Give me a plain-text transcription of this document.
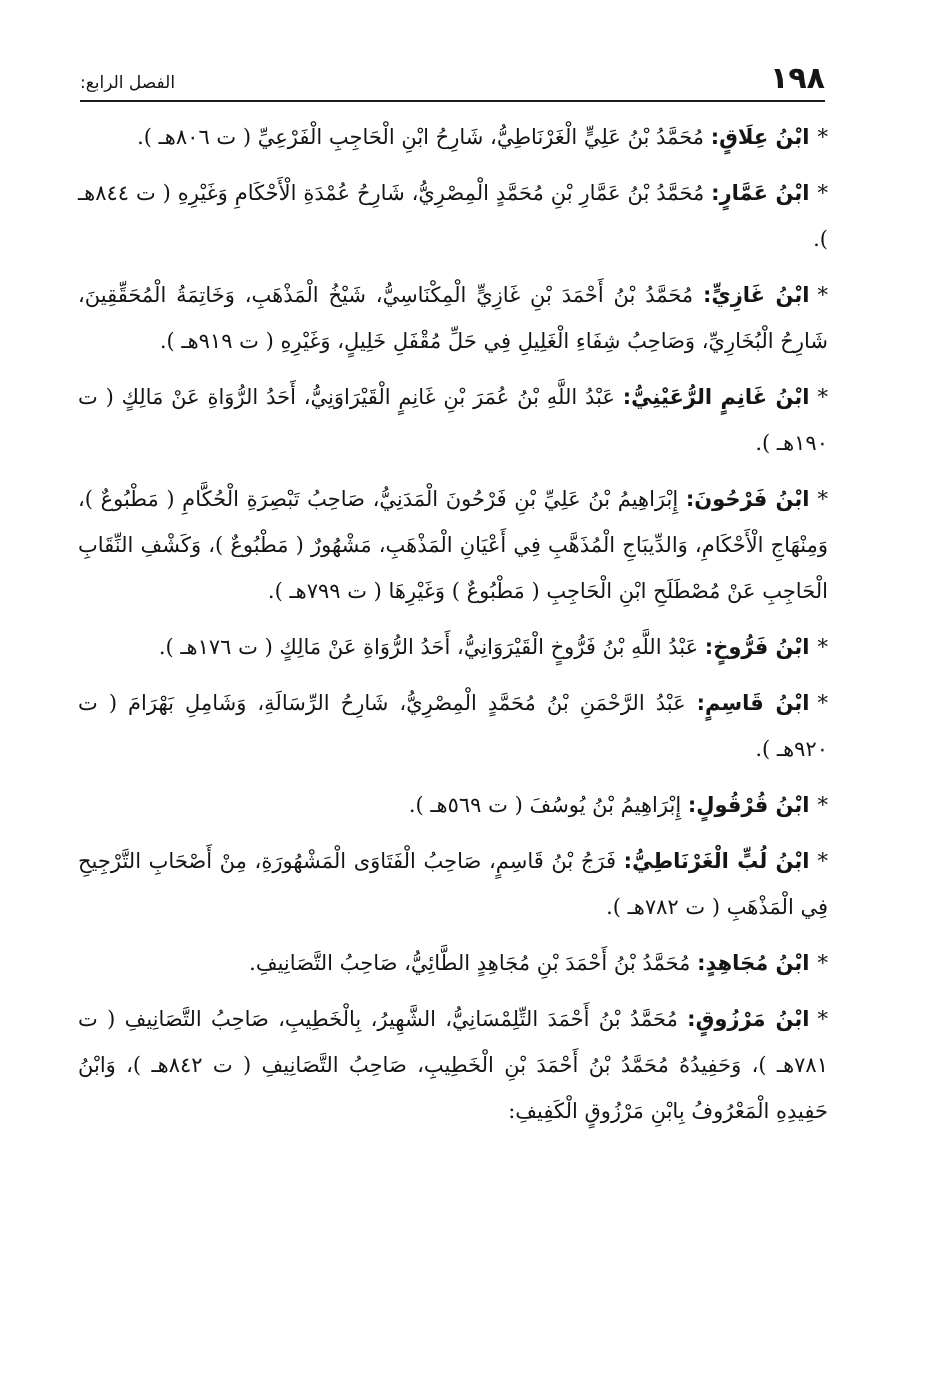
١٩٨
الفصل الرابع:

*ابْنُ عِلَاقٍ: مُحَمَّدُ بْنُ عَلِيٍّ الْغَرْنَاطِيُّ، شَارِحُ ابْنِ الْحَاجِبِ الْفَرْعِيِّ ( ت ٨٠٦هـ ).

*ابْنُ عَمَّارٍ: مُحَمَّدُ بْنُ عَمَّارِ بْنِ مُحَمَّدٍ الْمِصْرِيُّ، شَارِحُ عُمْدَةِ الْأَحْكَامِ وَغَيْرِهِ ( ت ٨٤٤هـ ).

*ابْنُ غَازِيٍّ: مُحَمَّدُ بْنُ أَحْمَدَ بْنِ غَازِيٍّ الْمِكْنَاسِيُّ، شَيْخُ الْمَذْهَبِ، وَخَاتِمَةُ الْمُحَقِّقِينَ، شَارِحُ الْبُخَارِيِّ، وَصَاحِبُ شِفَاءِ الْغَلِيلِ فِي حَلِّ مُقْفَلِ خَلِيلٍ، وَغَيْرِهِ ( ت ٩١٩هـ ).

*ابْنُ غَانِمٍ الرُّعَيْنِيُّ: عَبْدُ اللَّهِ بْنُ عُمَرَ بْنِ غَانِمٍ الْقَيْرَاوَنِيُّ، أَحَدُ الرُّوَاةِ عَنْ مَالِكٍ ( ت ١٩٠هـ ).

*ابْنُ فَرْحُونَ: إِبْرَاهِيمُ بْنُ عَلِيِّ بْنِ فَرْحُونَ الْمَدَنِيُّ، صَاحِبُ تَبْصِرَةِ الْحُكَّامِ ( مَطْبُوعٌ )، وَمِنْهَاجِ الْأَحْكَامِ، وَالدِّيبَاجِ الْمُذَهَّبِ فِي أَعْيَانِ الْمَذْهَبِ، مَشْهُورٌ ( مَطْبُوعٌ )، وَكَشْفِ النِّقَابِ الْحَاجِبِ عَنْ مُصْطَلَحِ ابْنِ الْحَاجِبِ ( مَطْبُوعٌ ) وَغَيْرِهَا ( ت ٧٩٩هـ ).

*ابْنُ فَرُّوخٍ: عَبْدُ اللَّهِ بْنُ فَرُّوخٍ الْقَيْرَوَانِيُّ، أَحَدُ الرُّوَاةِ عَنْ مَالِكٍ ( ت ١٧٦هـ ).

*ابْنُ قَاسِمٍ: عَبْدُ الرَّحْمَنِ بْنُ مُحَمَّدٍ الْمِصْرِيُّ، شَارِحُ الرِّسَالَةِ، وَشَامِلِ بَهْرَامَ ( ت ٩٢٠هـ ).

*ابْنُ قُرْقُولٍ: إِبْرَاهِيمُ بْنُ يُوسُفَ ( ت ٥٦٩هـ ).

*ابْنُ لُبٍّ الْغَرْنَاطِيُّ: فَرَجُ بْنُ قَاسِمٍ، صَاحِبُ الْفَتَاوَى الْمَشْهُورَةِ، مِنْ أَصْحَابِ التَّرْجِيحِ فِي الْمَذْهَبِ ( ت ٧٨٢هـ ).

*ابْنُ مُجَاهِدٍ: مُحَمَّدُ بْنُ أَحْمَدَ بْنِ مُجَاهِدٍ الطَّائِيُّ، صَاحِبُ التَّصَانِيفِ.

*ابْنُ مَرْزُوقٍ: مُحَمَّدُ بْنُ أَحْمَدَ التِّلِمْسَانِيُّ، الشَّهِيرُ، بِالْخَطِيبِ، صَاحِبُ التَّصَانِيفِ ( ت ٧٨١هـ )، وَحَفِيدُهُ مُحَمَّدُ بْنُ أَحْمَدَ بْنِ الْخَطِيبِ، صَاحِبُ التَّصَانِيفِ ( ت ٨٤٢هـ )، وَابْنُ حَفِيدِهِ الْمَعْرُوفُ بِابْنِ مَرْزُوقٍ الْكَفِيفِ:
